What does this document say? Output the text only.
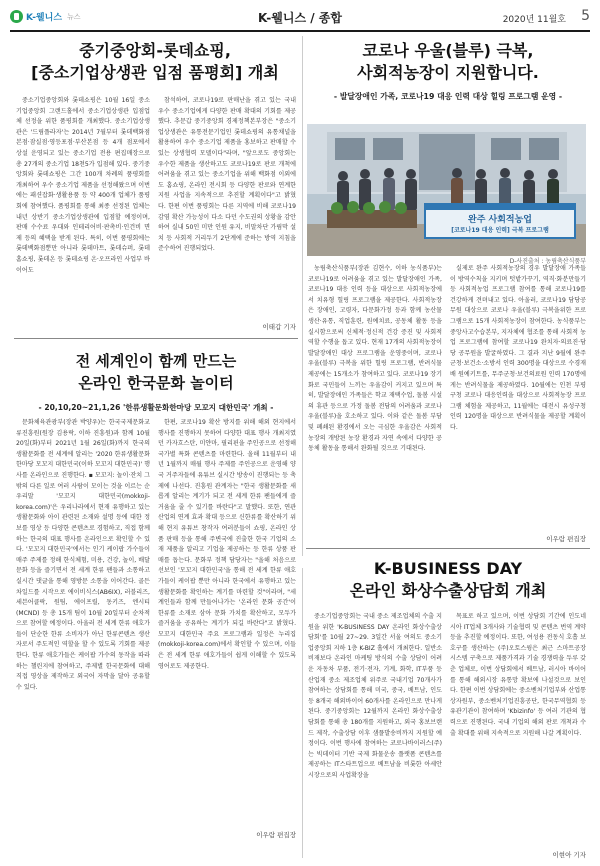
K-웰니스 뉴스	K-웰니스 / 종합	2020년 11월호 5
중기중앙회-롯데쇼핑,
[중소기업상생관 입점 품평회] 개최

중소기업중앙회와 롯데쇼핑은 10월 16일 중소기업중앙회 그랜드홀에서 중소기업상생관 입점업체 선정을 위한 품평회를 개최했다. 중소기업상생관은 '드림플라자'는 2014년 7월부터 롯데백화점 본점·잠실점·영등포점·부산본점 등 4개 점포에서 상설 운영되고 있는 중소기업 전용 편집매장으로 총 27개의 중소기업 18천5가 입점해 있다. 중기중앙회와 롯데쇼핑은 그간 100개 차례의 품평회를 개최하여 우수 중소기업 제품을 선정해왔으며 이번에는 패션잡화·생활용품 등 약 400개 업체가 품평회에 참여했다. 품평회를 통해 최종 선정된 업체는 내년 상반기 중소기업상생관에 입점할 예정이며, 판매 수수료 우대와 인테리어비·판촉비·인건비 면제 등의 혜택을 받게 된다. 특히, 이번 품평회에는 롯데백화점뿐만 아니라 롯데마트, 롯데슈퍼, 롯데홈쇼핑, 롯데온 등 롯데쇼핑 온·오프라인 사업부 바이어도

참석하여, 코로나19로 판매난을 겪고 있는 국내 우수 중소기업에게 다양한 판매 확대의 기회를 제공했다. 추문갑 중기중앙회 경제정책본부장은 "중소기업상생관은 유통전문기업인 롯데쇼핑의 유통채널을 활용하여 우수 중소기업 제품을 홍보하고 판매할 수 있는 상생협력 모델이다"라며, "앞으로도 중앙회는우수한 제품을 생산하고도 코로나19로 판로 개척에 어려움을 겪고 있는 중소기업을 위해 백화점 이외에도 홈쇼핑, 온라인 전시회 등 다양한 판로와 연계한 지원 사업을 지속적으로 추진할 계획이다"고 밝혔다. 한편 이번 품평회는 다른 지역에 비해 코로나19 감염 확산 가능성이 다소 다던 수도권의 상황을 감안하여 실내 50인 미만 인원 유지, 비말차단 가림막 설치 등 사회적 거리두기 2단계에 준하는 방역 지침을 준수하여 진행되었다.

이태갑 기자
코로나 우울(블루) 극복,
사회적농장이 지원합니다.
- 발달장애인 가족, 코로나19 대응 인력 대상 힐링 프로그램 운영 -
완주 사회적농업
[코로나19 대응 인력] 극복 프로그램
D-사진출처 : 농림축산식품부

농림축산식품부(장관 김현수, 이하 농식품부)는 코로나19로 어려움을 겪고 있는 발달장애인 가족, 코로나19 대응 인력 등을 대상으로 사회적농장에서 치유형 힐링 프로그램을 제공한다. 사회적농장은 장애인, 고령자, 다문화가정 등과 함께 농산물 생산·유통, 직업훈련, 원예치료, 공동체 활동 등을 실시함으로써 신체적·정신적 건강 증진 및 사회적 역할 수행을 돕고 있다. 현재 17개의 사회적농장이 발달장애인 대상 프로그램을 운영중이며, 코로나 우울(블루) 극복을 위한 힐링 프로그램, 반려식물 제공에는 15개소가 참여하고 있다. 코로나19 장기화로 국민들이 느끼는 우울감이 커지고 있으며 특히, 발달장애인 가족들은 학교 재택수업, 돌봄 시설의 휴관 등으로 가정 돌봄 전담의 어려움과 코로나 우울(블루)을 호소하고 있다. 이와 같은 돌봄 부담 및 폐쇄된 환경에서 오는 극심한 우울감은 사회적농장의 개방된 농장 환경과 자연 속에서 다양한 공동체 활동을 통해서 완화될 것으로 기대된다.

실제로 완주 사회적농장의 경우 발달장애 가족들이 방역수칙을 지키며 텃밭가꾸기, 역직·화분만들기 등 사회적농업 프로그램 참여를 통해 코로나19를 건강하게 견뎌내고 있다. 아울러, 코로나19 담당공무원 대상으로 코로나 우울(블루) 극복을위한 프로그램으로 15개 사회적농장이 참여한다. 농식품부는 중앙사고수습본부, 지자체에 협조를 통해 사회적 농업 프로그램에 참여할 코로나19 완치자·의료진·담당 공무원을 발굴하였다. 그 결과 지난 9월에 완주군청·보건소·소방서 인력 300명을 대상으로 수경재배 원예키트를, 무주군청·보건의료원 인력 170명에게는 반려식물을 제공하였다. 10월에는 인천 부평구청 코로나 대응인력을 대상으로 사회적농장 프로그램 체험을 제공하고, 11월에는 대전시 유성구청 인력 120명을 대상으로 반려식물을 제공할 계획이다.

이우람 편집장
전 세계인이 함께 만드는
온라인 한국문화 놀이터
- 20,10,20~21,1,26 '한류생활문화한마당 모꼬지 대한민국' 개최 -

문화체육관광부(장관 박양우)는 한국국제문화교류진흥원(원장 김용락, 이하 진흥원)과 함께 10월 20일(화)부터 2021년 1월 26일(화)까지 한국의 생활문화를 전 세계에 알리는 '2020 한류생활문화한마당 모꼬지 대한민국(이하 모꼬지 대한민국)' 행사를 온라인으로 진행한다. ▪ 모꼬지: 놀이·잔치 그 밖의 다른 일로 여러 사람이 모이는 것을 이르는 순우리말 '모꼬지 대한민국(mokkoji-korea.com)'은 우리나라에서 현재 유행하고 있는 생활문화와 아이 관련된 소재와 설명 등에 대한 정보를 영상 등 다양한 콘텐츠로 경험하고, 직접 함께 하는 한국의 대표 행사를 온라인으로 확인할 수 있다. '모꼬지 대한민국'에서는 인기 케이팝 가수들이 매주 주제를 정해 한식체험, 미용, 건강, 놀이, 배달문화 등을 즐기면서 전 세계 한류 팬들과 소통하고 실시간 댓글을 통해 영방문 소통을 이어간다. 골든차일드를 시작으로 에이비식스(AB6IX), 러블리즈, 세븐어클락, 원팀, 에이프릴, 동키즈, 엔시티(MCND) 등 총 15개 팀이 10월 20일부터 순차적으로 참여할 예정이다. 아울러 전 세계 한류 애호가들이 단순한 한류 소비자가 아닌 한류콘텐츠 생산자로서 주도적인 역할을 할 수 있도록 기회를 제공한다. 한류 애호가들은 케이팝 가수의 동작을 따라 하는 챌린지에 참여하고, 주제별 한국문화에 대해 직접 영상을 제작하고 외국어 자막을 달아 공유할 수 있다.

한편, 코로나19 확산 방지를 위해 해외 현지에서 행사를 진행하지 못하여 다양한 대표 행사 개최지였던 카자흐스탄, 미얀마, 필리핀을 주인공으로 선정해 국가별 특화 콘텐츠를 마련한다. 올해 11월부터 내년 1월까지 매월 행사 주제를 주인공으로 운영해 양국 거주자들에 유튜브 실시간 방송이 진행되는 등 축제에 나선다. 진흥원 관계자는 "한국 생활문화를 새롭게 알리는 계기가 되고 전 세계 한류 팬들에게 즐거움을 줄 수 있기를 바란다"고 말했다. 또한, 연관 산업의 연계 효과 확대 등으로 신한류를 확산하기 위해 현지 유튜브 창작자 여러분들이 쇼핑, 온라인 상품 판매 등을 통해 주변국에 진출한 한국 기업의 소재 제품을 알리고 기업을 제공하는 등 한류 상품 판매를 돕는다. 문화부 정책 담당자는 "올해 처음으로 선보인 '모꼬지 대한민국'을 통해 전 세계 한류 애호가들이 케이팝 뿐만 아니라 한국에서 유행하고 있는 생활문화를 확인하는 계기를 마련할 것"이라며, "세계인들과 함께 만들어나가는 '온라인 문화 공간'이 한류를 소재로 삼아 문화 가치를 확산하고, 모두가 즐거움을 공유하는 계기가 되길 바란다"고 밝혔다. 모꼬지 대한민국 주요 프로그램과 일정은 누리집(mokkoji-korea.com)에서 확인할 수 있으며, 이들은 전 세계 한류 애호가들이 쉽게 이해할 수 있도록 영어로도 제공한다.

이우람 편집장
K-BUSINESS DAY
온라인 화상수출상담회 개최

중소기업중앙회는 국내 중소 제조업체의 수출 지원을 위한 'K-BUSINESS DAY 온라인 화상수출상담회'를 10월 27~29. 3일간 서울 여의도 중소기업중앙회 지하 1층 K-BIZ 홀에서 개최한다. 일반소비재보다 온라인 마케팅 방식의 수출 상담이 어려운 자동차 부품, 전기·전자, 기계, 화학, IT부품 등 산업재 중소 제조업체 위주로 국내기업 70개사가 참여하는 상담회를 통해 미국, 중국, 베트남, 인도 등 8개국 해외바이어 60개사를 온라인으로 만나게 된다. 중기중앙회는 12월까지 온라인 화상수출상담회를 통해 총 180개를 지원하고, 외국 홍보브랜드 제작, 수출상담 이후 샘플발송비까지 지원할 예정이다. 이번 행사에 참여하는 코로나바이러스(주)는 빅데이터 기반 국제 화물운송 플랫폼 콘텐츠를 제공하는 IT스타트업으로 베트남을 비롯한 아세안 시장으로의 사업확장을

목표로 하고 있으며, 이번 상담회 기간에 인도네시아 IT업체 3개사와 기술협력 및 콘텐츠 번역 계약 등을 추진할 예정이다. 또한, 여성용 전동식 호흡 보호구를 생산하는 (주)오토스윙은 최근 스마트공장 시스템 구축으로 제품가격과 기술 경쟁력을 두루 갖춘 업체로, 이번 상담회에서 베트남, 러시아 바이어를 통해 해외시장 유통망 확보에 나설것으로 보인다. 한편 이번 상담회에는 중소벤처기업부와 산업통상자원부, 중소벤처기업진흥공단, 한국무역협회 등 유관기관이 참여하며 'Kbizinfo' 등 여러 기관의 협력으로 진행된다. 국내 기업의 해외 판로 개척과 수출 확대를 위해 지속적으로 지원해 나갈 계획이다.

이현아 기자
